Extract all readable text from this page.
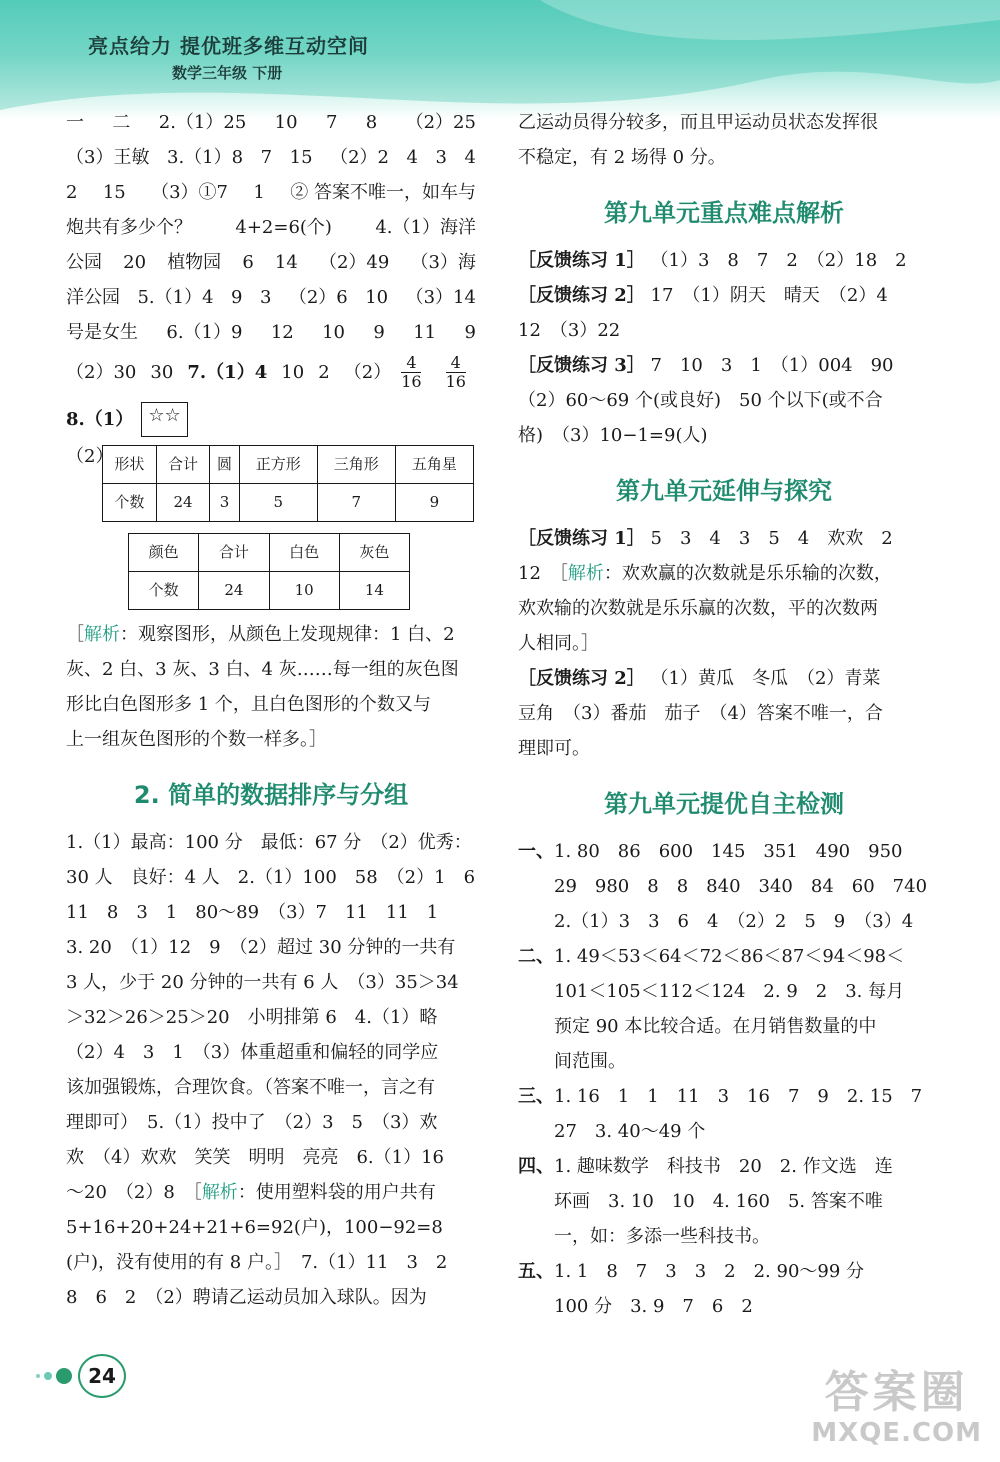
亮点给力 提优班多维互动空间
数学三年级 下册
一 二 2.（1）25 10 7 8 （2）25
（3）王敏 3.（1）8 7 15 （2）2 4 3 4
2 15 （3）①7 1 ② 答案不唯一，如车与
炮共有多少个？ 4+2=6(个) 4.（1）海洋
公园 20 植物园 6 14 （2）49 （3）海
洋公园 5.（1）4 9 3 （2）6 10 （3）14
号是女生 6.（1）9 12 10 9 11 9
（2）30 30 7.（1）4 10 2 $(2) \frac{4}{16} \frac{4}{16}$
8.（1） ☆☆
（2） 形状	合计	圆	正方形	三角形	五角星
个数	24	3	5	7	9
颜色	合计	白色	灰色
个数	24	10	14
［ 解析 ：观察图形，从颜色上发现规律：1 白、2
灰、2 白、3 灰、3 白、4 灰……每一组的灰色图
形比白色图形多 1 个，且白色图形的个数又与
上一组灰色图形的个数一样多。］
2. 简单的数据排序与分组
1.（1）最高：100 分　最低：67 分　（2）优秀：
30 人　良好：4 人　2.（1）100　58　（2）1　6
11　8　3　1　80～89　（3）7　11　11　1
3. 20　（1）12　9　（2）超过 30 分钟的一共有
3 人，少于 20 分钟的一共有 6 人　（3）35＞34
＞32＞26＞25＞20　小明排第 6　4.（1）略
（2）4　3　1　（3）体重超重和偏轻的同学应
该加强锻炼，合理饮食。（答案不唯一，言之有
理即可）　5.（1）投中了　（2）3　5　（3）欢
欢　（4）欢欢　笑笑　明明　亮亮　6.（1）16
～20　（2）8　［ 解析 ：使用塑料袋的用户共有
5+16+20+24+21+6=92(户)，100−92=8
(户)，没有使用的有 8 户。］　7.（1）11　3　2
8　6　2　（2）聘请乙运动员加入球队。因为
乙运动员得分较多，而且甲运动员状态发挥很
不稳定，有 2 场得 0 分。
第九单元重点难点解析
［反馈练习 1］
（1）3　8　7　2　（2）18　2
［反馈练习 2］
17　（1）阴天　晴天　（2）4
12　（3）22
［反馈练习 3］
7　10　3　1　（1）004　90
（2）60～69 个(或良好)　50 个以下(或不合
格)　（3）10−1=9(人)
第九单元延伸与探究
［反馈练习 1］
5　3　4　3　5　4　欢欢　2
12　［ 解析 ：欢欢赢的次数就是乐乐输的次数，
欢欢输的次数就是乐乐赢的次数，平的次数两
人相同。］
［反馈练习 2］
（1）黄瓜　冬瓜　（2）青菜
豆角　（3）番茄　茄子　（4）答案不唯一，合
理即可。
第九单元提优自主检测
一、 1. 80　86　600　145　351　490　950
29　980　8　8　840　340　84　60　740
2.（1）3　3　6　4　（2）2　5　9　（3）4
二、 1. 49＜53＜64＜72＜86＜87＜94＜98＜
101＜105＜112＜124　2. 9　2　3. 每月
预定 90 本比较合适。在月销售数量的中
间范围。
三、 1. 16　1　1　11　3　16　7　9　2. 15　7
27　3. 40～49 个
四、 1. 趣味数学　科技书　20　2. 作文选　连
环画　3. 10　10　4. 160　5. 答案不唯
一，如：多添一些科技书。
五、 1. 1　8　7　3　3　2　2. 90～99 分
100 分　3. 9　7　6　2
24	答案圈
MXQE.COM
